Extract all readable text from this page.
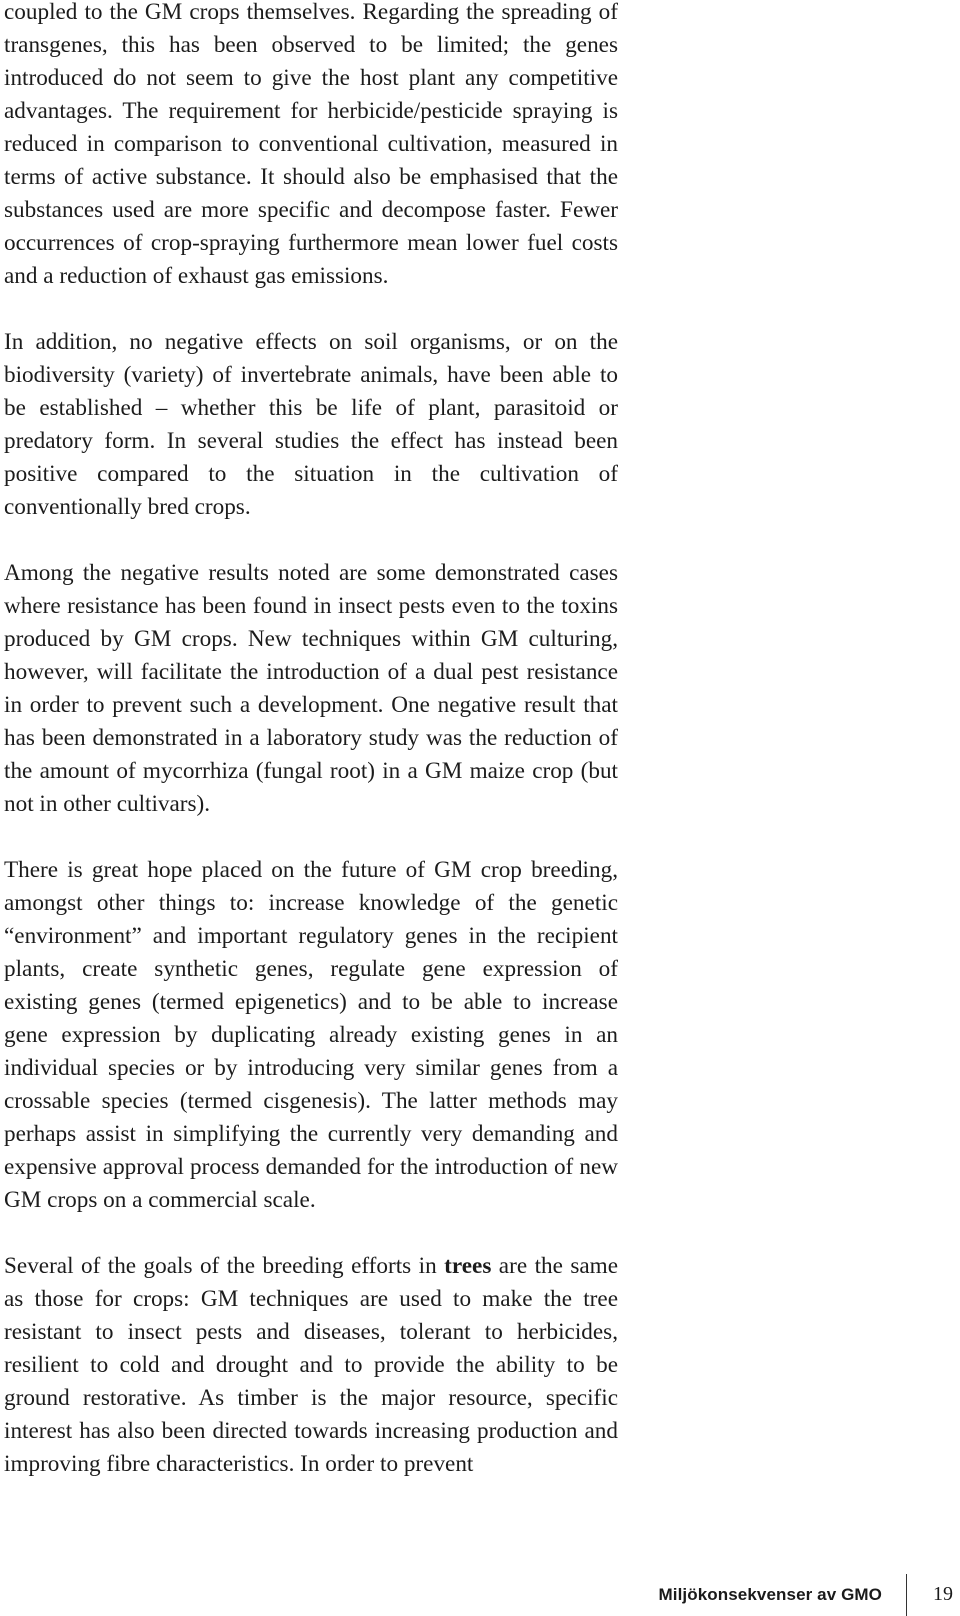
coupled to the GM crops themselves. Regarding the spreading of transgenes, this has been observed to be limited; the genes introduced do not seem to give the host plant any competitive advantages. The requirement for herbicide/pesticide spraying is reduced in comparison to conventional cultivation, measured in terms of active substance. It should also be emphasised that the substances used are more specific and decompose faster. Fewer occurrences of crop-spraying furthermore mean lower fuel costs and a reduction of exhaust gas emissions.

In addition, no negative effects on soil organisms, or on the biodiversity (variety) of invertebrate animals, have been able to be established – whether this be life of plant, parasitoid or predatory form. In several studies the effect has instead been positive compared to the situation in the cultivation of conventionally bred crops.

Among the negative results noted are some demonstrated cases where resistance has been found in insect pests even to the toxins produced by GM crops. New techniques within GM culturing, however, will facilitate the introduction of a dual pest resistance in order to prevent such a development. One negative result that has been demonstrated in a laboratory study was the reduction of the amount of mycorrhiza (fungal root) in a GM maize crop (but not in other cultivars).

There is great hope placed on the future of GM crop breeding, amongst other things to: increase knowledge of the genetic “environment” and important regulatory genes in the recipient plants, create synthetic genes, regulate gene expression of existing genes (termed epigenetics) and to be able to increase gene expression by duplicating already existing genes in an individual species or by introducing very similar genes from a crossable species (termed cisgenesis). The latter methods may perhaps assist in simplifying the currently very demanding and expensive approval process demanded for the introduction of new GM crops on a commercial scale.

Several of the goals of the breeding efforts in trees are the same as those for crops: GM techniques are used to make the tree resistant to insect pests and diseases, tolerant to herbicides, resilient to cold and drought and to provide the ability to be ground restorative. As timber is the major resource, specific interest has also been directed towards increasing production and improving fibre characteristics. In order to prevent

Miljökonsekvenser av GMO	19
